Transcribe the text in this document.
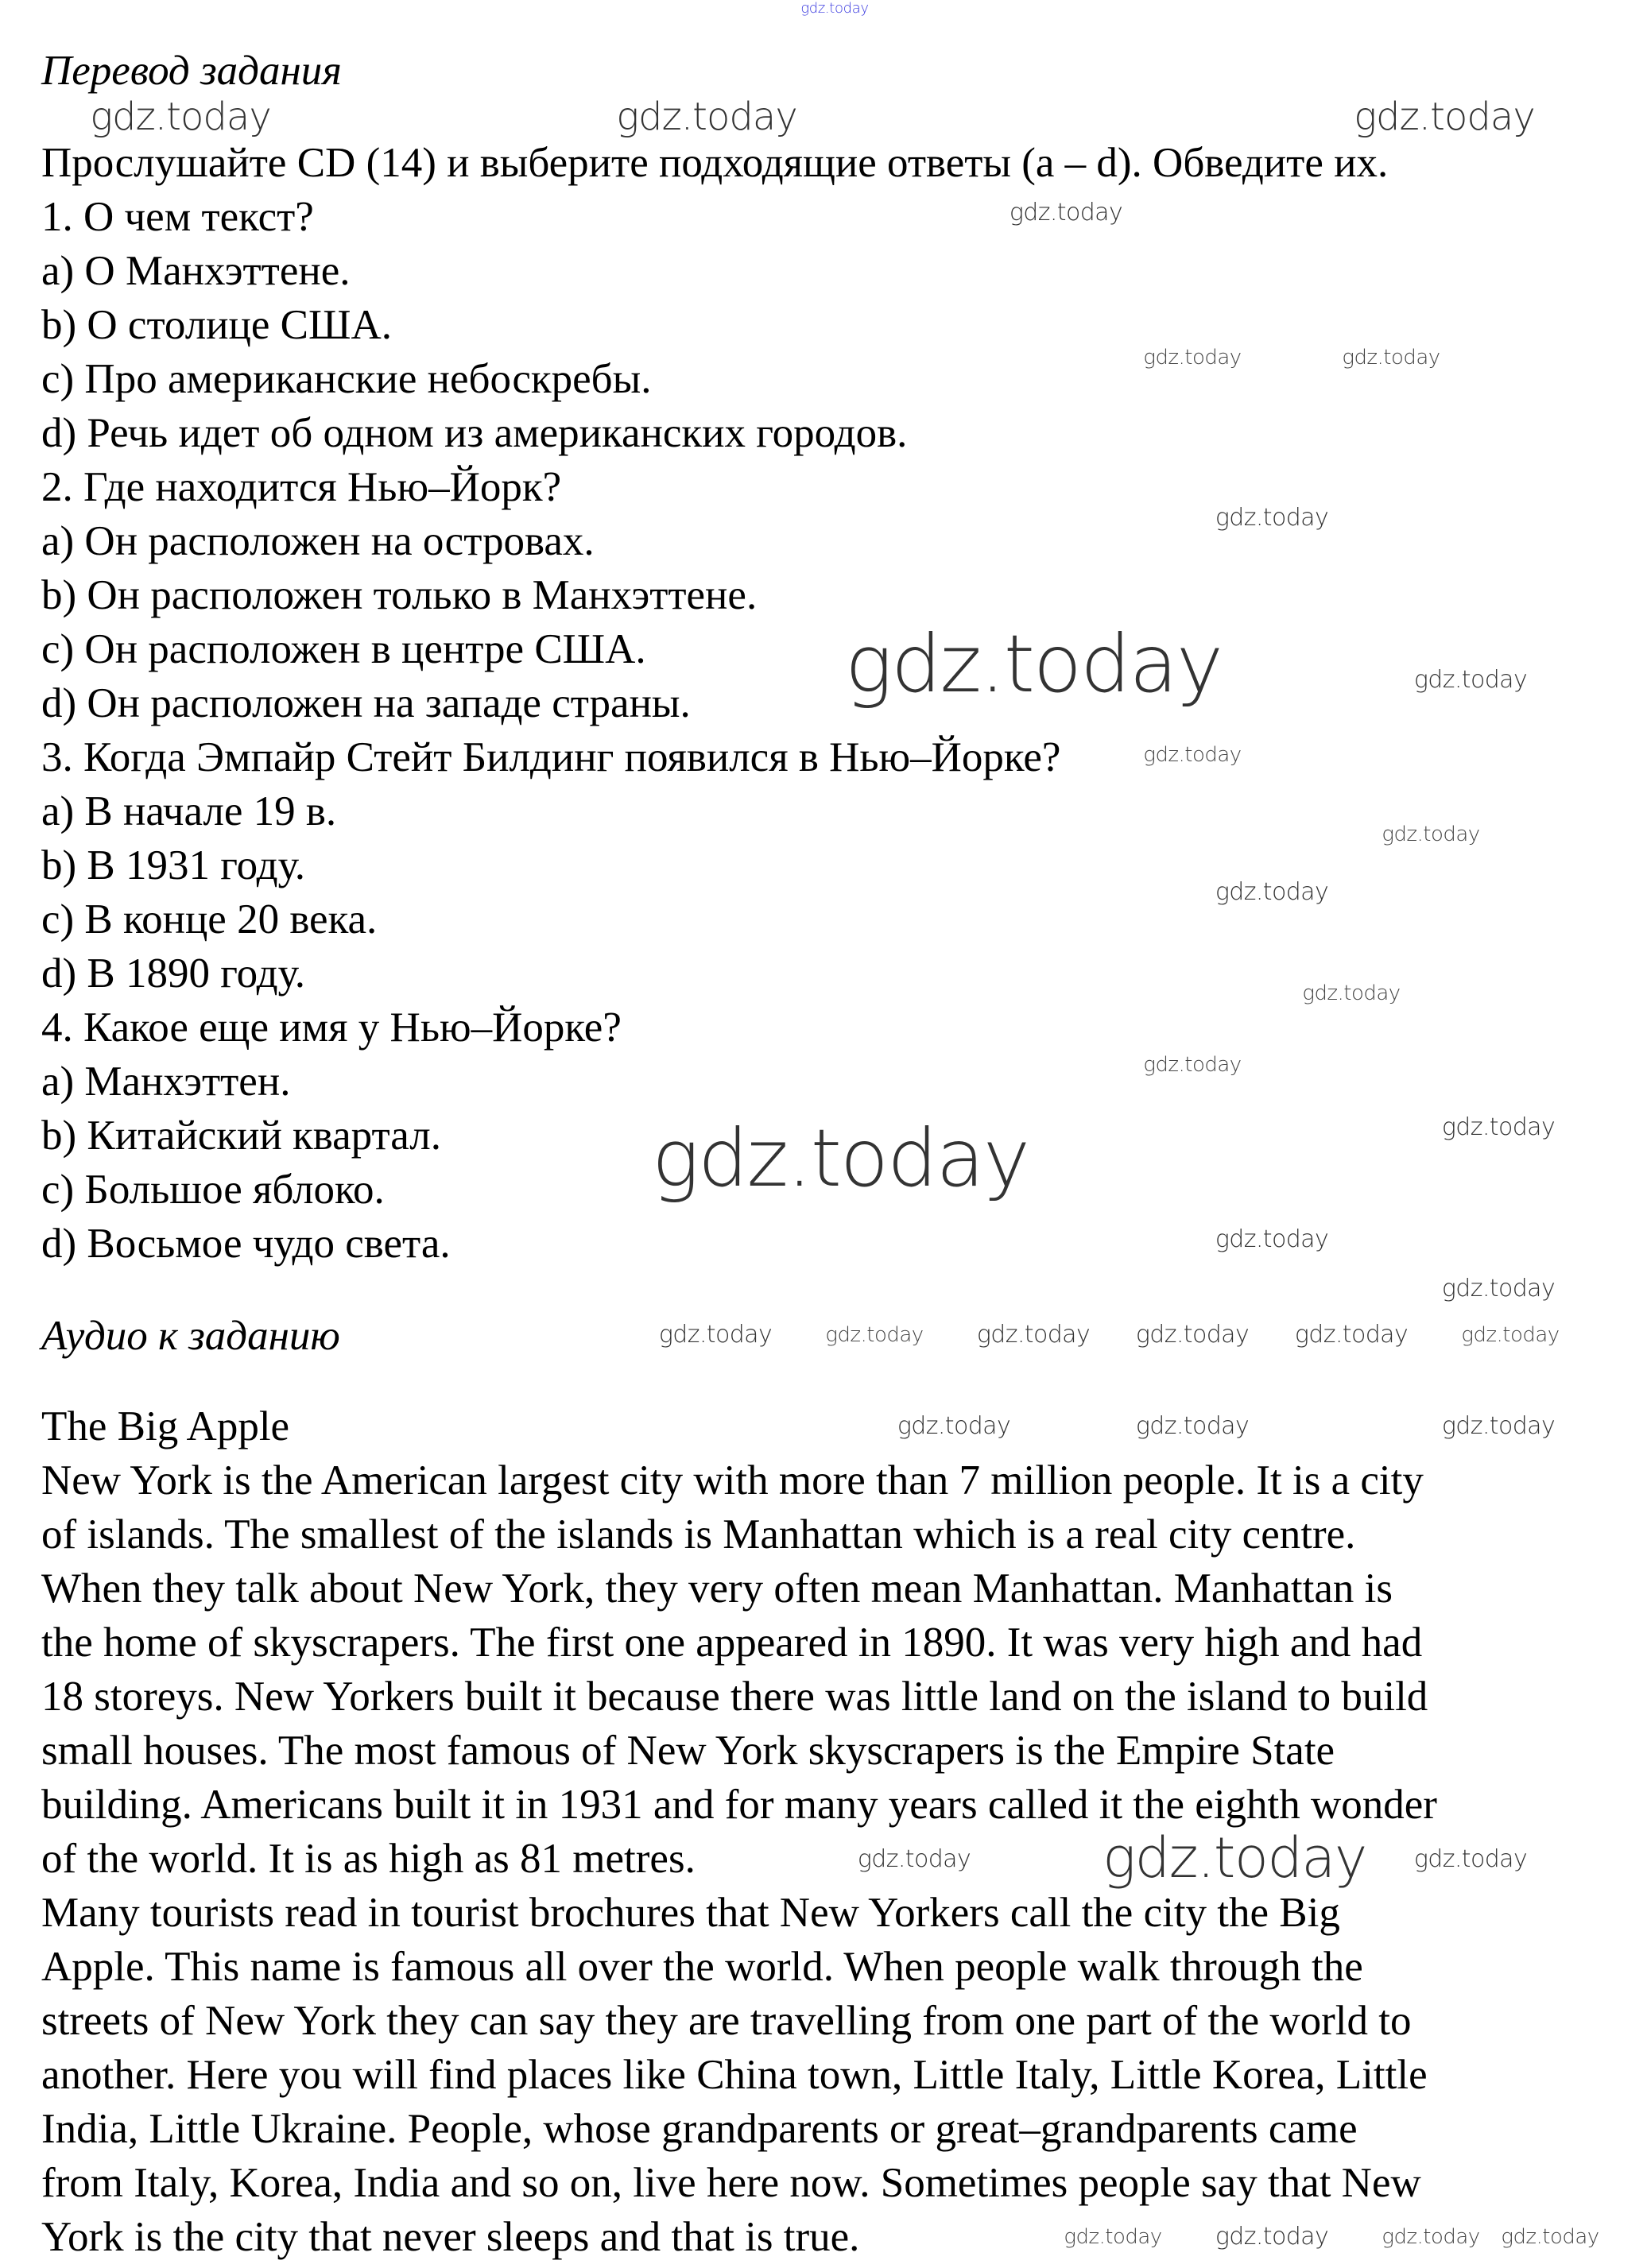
Перевод задания
Прослушайте CD (14) и выберите подходящие ответы (a – d). Обведите их.
1. О чем текст?
a) О Манхэттене.
b) О столице США.
c) Про американские небоскребы.
d) Речь идет об одном из американских городов.
2. Где находится Нью–Йорк?
a) Он расположен на островах.
b) Он расположен только в Манхэттене.
c) Он расположен в центре США.
d) Он расположен на западе страны.
3. Когда Эмпайр Стейт Билдинг появился в Нью–Йорке?
a) В начале 19 в.
b) В 1931 году.
c) В конце 20 века.
d) В 1890 году.
4. Какое еще имя у Нью–Йорке?
a) Манхэттен.
b) Китайский квартал.
c) Большое яблоко.
d) Восьмое чудо света.
Аудио к заданию
The Big Apple
New York is the American largest city with more than 7 million people. It is a city
of islands. The smallest of the islands is Manhattan which is a real city centre.
When they talk about New York, they very often mean Manhattan. Manhattan is
the home of skyscrapers. The first one appeared in 1890. It was very high and had
18 storeys. New Yorkers built it because there was little land on the island to build
small houses. The most famous of New York skyscrapers is the Empire State
building. Americans built it in 1931 and for many years called it the eighth wonder
of the world. It is as high as 81 metres.
Many tourists read in tourist brochures that New Yorkers call the city the Big
Apple. This name is famous all over the world. When people walk through the
streets of New York they can say they are travelling from one part of the world to
another. Here you will find places like China town, Little Italy, Little Korea, Little
India, Little Ukraine. People, whose grandparents or great–grandparents came
from Italy, Korea, India and so on, live here now. Sometimes people say that New
York is the city that never sleeps and that is true.
gdz.today
gdz.today	gdz.today	gdz.today
gdz.today
gdz.today	gdz.today
gdz.today
gdz.today
gdz.today
gdz.today
gdz.today
gdz.today
gdz.today
gdz.today
gdz.today	gdz.today
gdz.today
gdz.today
gdz.today	gdz.today gdz.today gdz.today gdz.today	gdz.today
gdz.today	gdz.today	gdz.today
gdz.today gdz.today gdz.today
gdz.today gdz.today	gdz.today gdz.today
